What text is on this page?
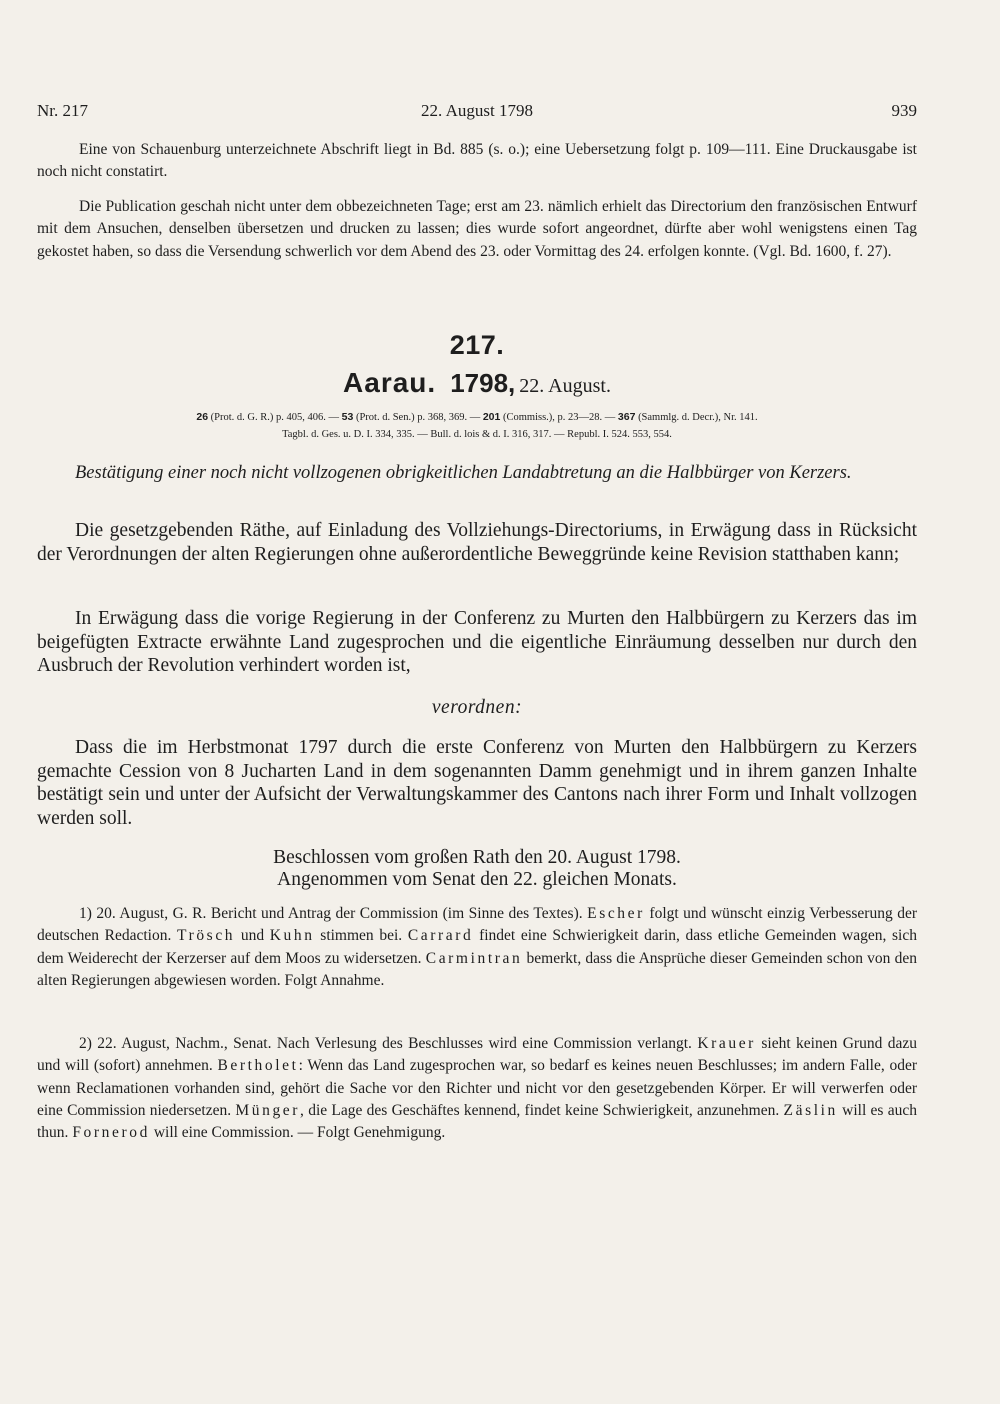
Nr. 217	22. August 1798	939

Eine von Schauenburg unterzeichnete Abschrift liegt in Bd. 885 (s. o.); eine Uebersetzung folgt p. 109—111. Eine Druckausgabe ist noch nicht constatirt.

Die Publication geschah nicht unter dem obbezeichneten Tage; erst am 23. nämlich erhielt das Directorium den französischen Entwurf mit dem Ansuchen, denselben übersetzen und drucken zu lassen; dies wurde sofort angeordnet, dürfte aber wohl wenigstens einen Tag gekostet haben, so dass die Versendung schwerlich vor dem Abend des 23. oder Vormittag des 24. erfolgen konnte. (Vgl. Bd. 1600, f. 27).

217.
Aarau. 1798, 22. August.
26 (Prot. d. G. R.) p. 405, 406. — 53 (Prot. d. Sen.) p. 368, 369. — 201 (Commiss.), p. 23—28. — 367 (Sammlg. d. Decr.), Nr. 141.
Tagbl. d. Ges. u. D. I. 334, 335. — Bull. d. lois & d. I. 316, 317. — Republ. I. 524. 553, 554.
Bestätigung einer noch nicht vollzogenen obrigkeitlichen Landabtretung an die Halbbürger von Kerzers.

Die gesetzgebenden Räthe, auf Einladung des Vollziehungs-Directoriums, in Erwägung dass in Rücksicht der Verordnungen der alten Regierungen ohne außerordentliche Beweggründe keine Revision statthaben kann;

In Erwägung dass die vorige Regierung in der Conferenz zu Murten den Halbbürgern zu Kerzers das im beigefügten Extracte erwähnte Land zugesprochen und die eigentliche Einräumung desselben nur durch den Ausbruch der Revolution verhindert worden ist,

verordnen:

Dass die im Herbstmonat 1797 durch die erste Conferenz von Murten den Halbbürgern zu Kerzers gemachte Cession von 8 Jucharten Land in dem sogenannten Damm genehmigt und in ihrem ganzen Inhalte bestätigt sein und unter der Aufsicht der Verwaltungskammer des Cantons nach ihrer Form und Inhalt vollzogen werden soll.

Beschlossen vom großen Rath den 20. August 1798.
Angenommen vom Senat den 22. gleichen Monats.

1) 20. August, G. R. Bericht und Antrag der Commission (im Sinne des Textes). Escher folgt und wünscht einzig Verbesserung der deutschen Redaction. Trösch und Kuhn stimmen bei. Carrard findet eine Schwierigkeit darin, dass etliche Gemeinden wagen, sich dem Weiderecht der Kerzerser auf dem Moos zu widersetzen. Carmintran bemerkt, dass die Ansprüche dieser Gemeinden schon von den alten Regierungen abgewiesen worden. Folgt Annahme.

2) 22. August, Nachm., Senat. Nach Verlesung des Beschlusses wird eine Commission verlangt. Krauer sieht keinen Grund dazu und will (sofort) annehmen. Bertholet: Wenn das Land zugesprochen war, so bedarf es keines neuen Beschlusses; im andern Falle, oder wenn Reclamationen vorhanden sind, gehört die Sache vor den Richter und nicht vor den gesetzgebenden Körper. Er will verwerfen oder eine Commission niedersetzen. Münger, die Lage des Geschäftes kennend, findet keine Schwierigkeit, anzunehmen. Zäslin will es auch thun. Fornerod will eine Commission. — Folgt Genehmigung.
